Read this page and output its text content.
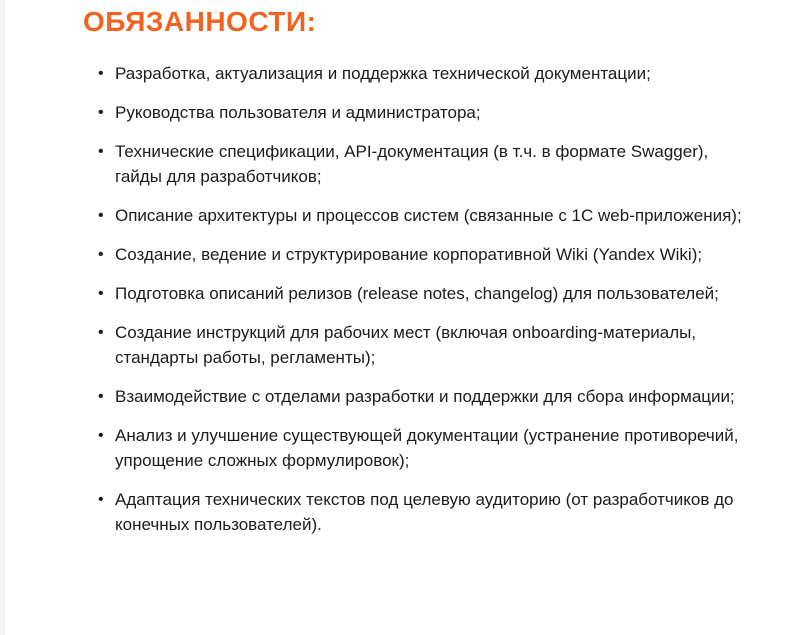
ОБЯЗАННОСТИ:
• Разработка, актуализация и поддержка технической документации;
• Руководства пользователя и администратора;
• Технические спецификации, API-документация (в т.ч. в формате Swagger), гайды для разработчиков;
• Описание архитектуры и процессов систем (связанные с 1С web-приложения);
• Создание, ведение и структурирование корпоративной Wiki (Yandex Wiki);
• Подготовка описаний релизов (release notes, changelog) для пользователей;
• Создание инструкций для рабочих мест (включая onboarding-материалы, стандарты работы, регламенты);
• Взаимодействие с отделами разработки и поддержки для сбора информации;
• Анализ и улучшение существующей документации (устранение противоречий, упрощение сложных формулировок);
• Адаптация технических текстов под целевую аудиторию (от разработчиков до конечных пользователей).
